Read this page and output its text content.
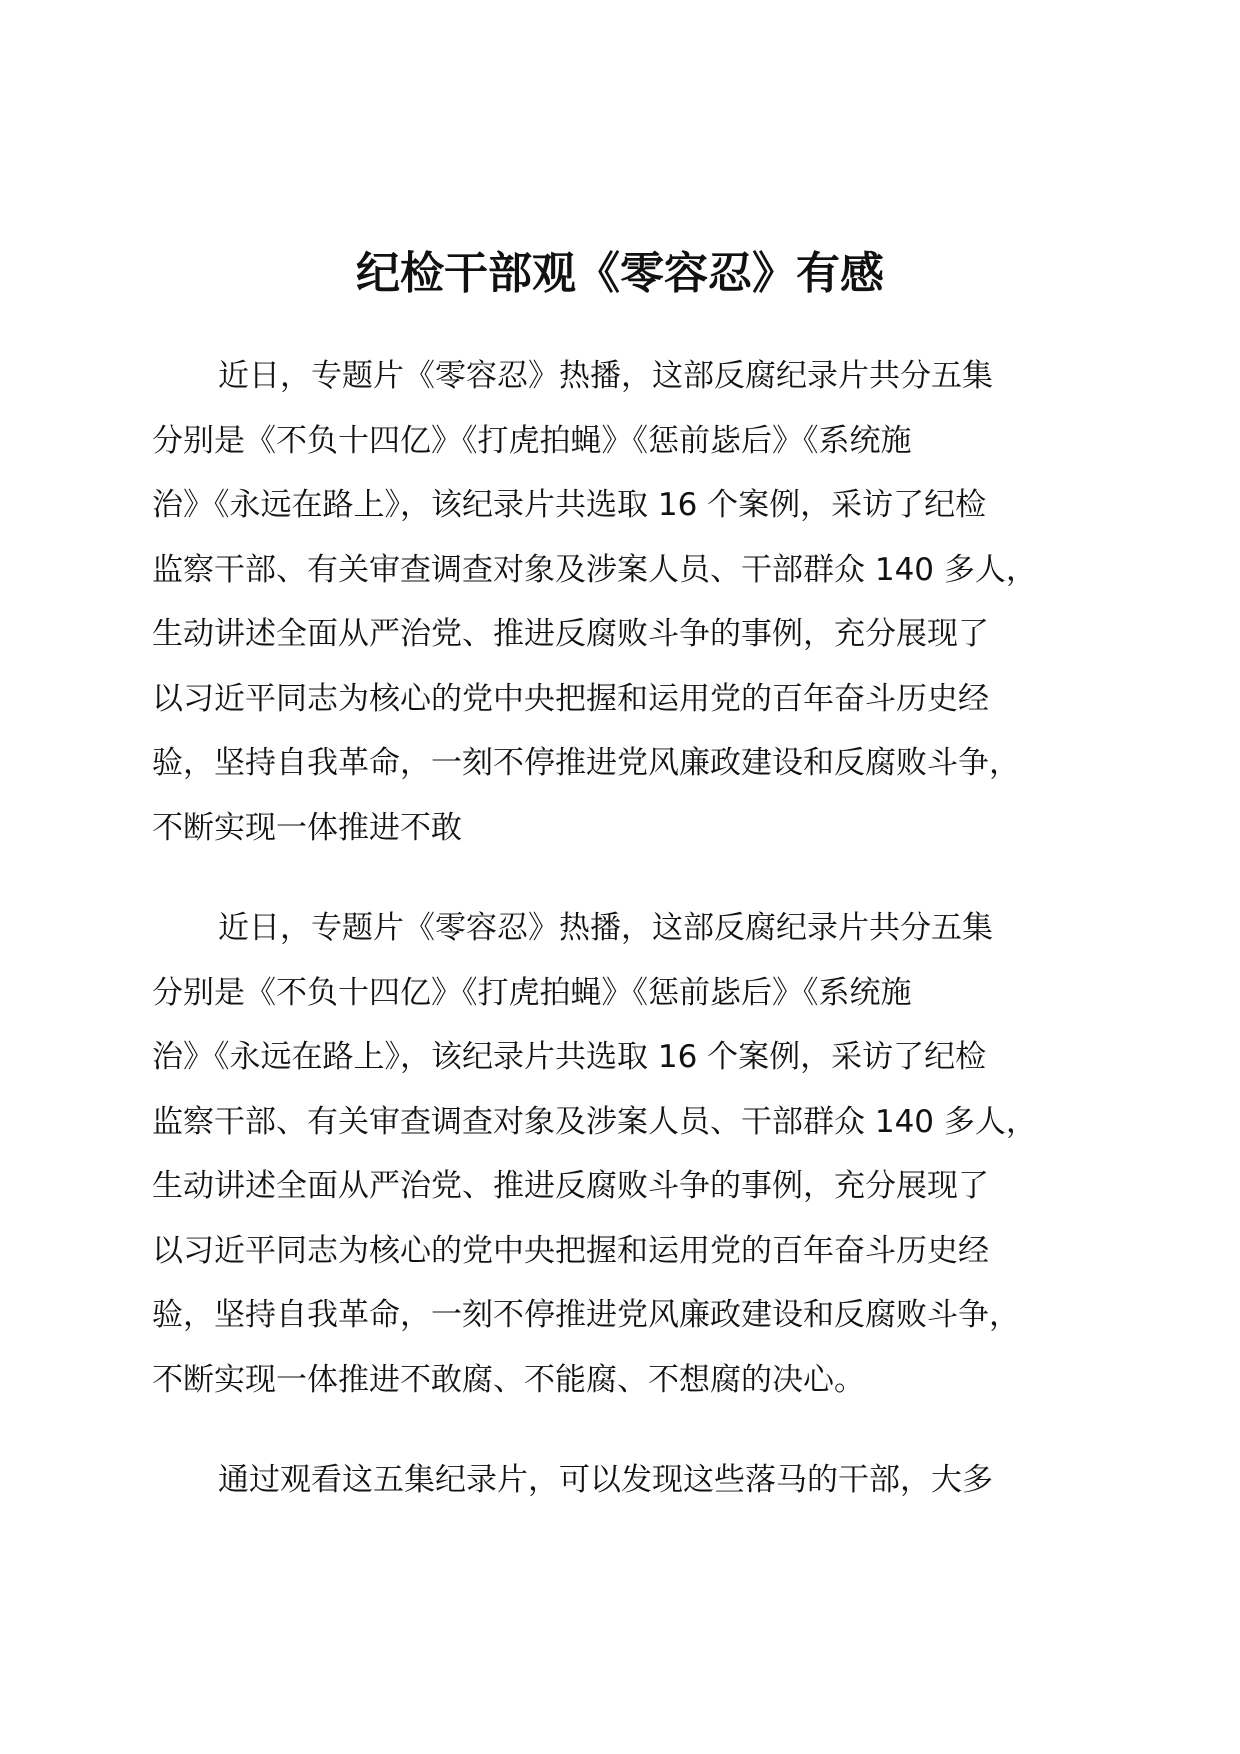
纪检干部观《零容忍》有感

近日，专题片《零容忍》热播，这部反腐纪录片共分五集
分别是《不负十四亿》《打虎拍蝇》《惩前毖后》《系统施
治》《永远在路上》，该纪录片共选取 16 个案例，采访了纪检
监察干部、有关审查调查对象及涉案人员、干部群众 140 多人，
生动讲述全面从严治党、推进反腐败斗争的事例，充分展现了
以习近平同志为核心的党中央把握和运用党的百年奋斗历史经
验，坚持自我革命，一刻不停推进党风廉政建设和反腐败斗争，
不断实现一体推进不敢

近日，专题片《零容忍》热播，这部反腐纪录片共分五集
分别是《不负十四亿》《打虎拍蝇》《惩前毖后》《系统施
治》《永远在路上》，该纪录片共选取 16 个案例，采访了纪检
监察干部、有关审查调查对象及涉案人员、干部群众 140 多人，
生动讲述全面从严治党、推进反腐败斗争的事例，充分展现了
以习近平同志为核心的党中央把握和运用党的百年奋斗历史经
验，坚持自我革命，一刻不停推进党风廉政建设和反腐败斗争，
不断实现一体推进不敢腐、不能腐、不想腐的决心。

通过观看这五集纪录片，可以发现这些落马的干部，大多
